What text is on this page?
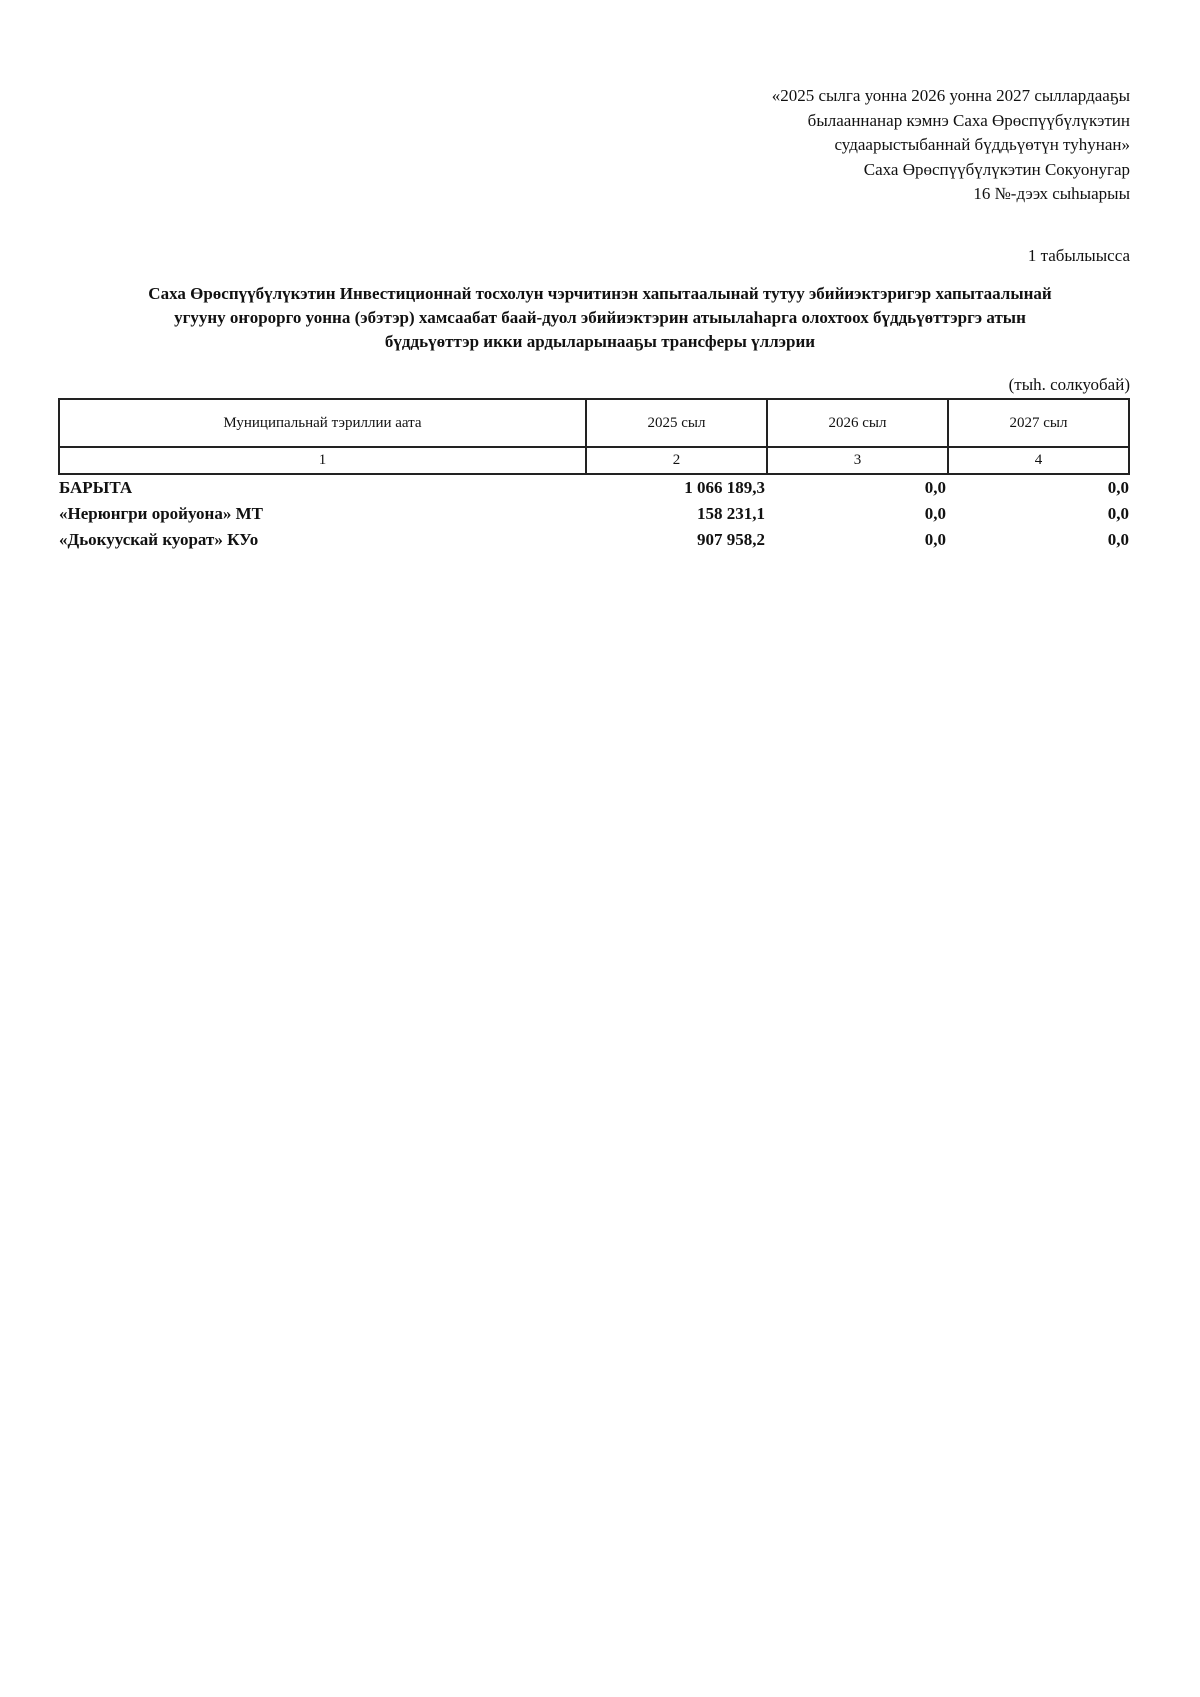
«2025 сылга уонна 2026 уонна 2027 сыллардааҕы
былааннанар кэмнэ Саха Өрөспүүбүлүкэтин
судаарыстыбаннай бүддьүөтүн туһунан»
Саха Өрөспүүбүлүкэтин Сокуонугар
16 №-дээх сыһыарыы
1 табылыысса
Саха Өрөспүүбүлүкэтин Инвестиционнай тосхолун чэрчитинэн хапытаалынай тутуу эбийиэктэригэр хапытаалынай
угууну оҥорорго уонна (эбэтэр) хамсаабат баай-дуол эбийиэктэрин атыылаһарга олохтоох бүддьүөттэргэ атын
бүддьүөттэр икки ардыларынааҕы трансферы үллэрии
(тыһ. солкуобай)
Муниципальнай тэриллии аата	2025 сыл	2026 сыл	2027 сыл
1	2	3	4
БАРЫТА	1 066 189,3	0,0	0,0
«Нерюнгри оройуона» МТ	158 231,1	0,0	0,0
«Дьокуускай куорат» КУо	907 958,2	0,0	0,0
